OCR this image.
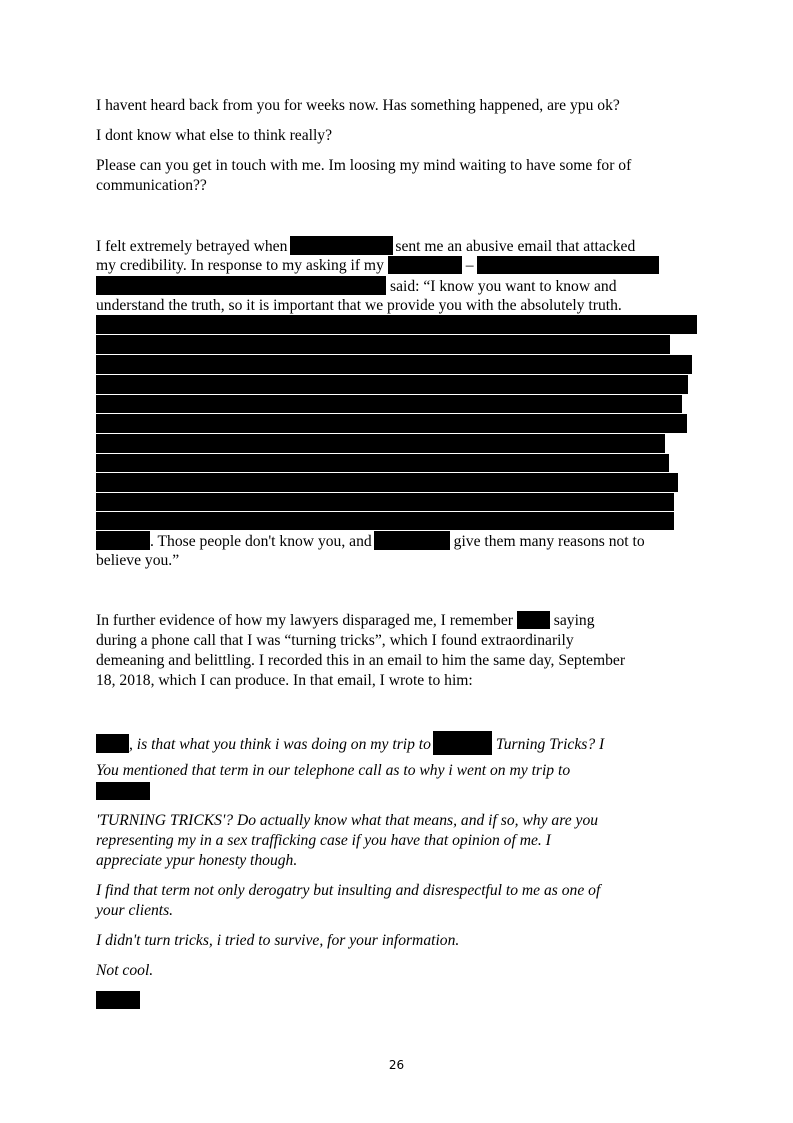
I havent heard back from you for weeks now. Has something happened, are ypu ok?
I dont know what else to think really?
Please can you get in touch with me. Im loosing my mind waiting to have some for of
communication??
I felt extremely betrayed when	sent me an abusive email that attacked
my credibility. In response to my asking if my	–
said: “I know you want to know and
understand the truth, so it is important that we provide you with the absolutely truth.
. Those people don't know you, and	give them many reasons not to
believe you.”
In further evidence of how my lawyers disparaged me, I remember	saying
during a phone call that I was “turning tricks”, which I found extraordinarily
demeaning and belittling. I recorded this in an email to him the same day, September
18, 2018, which I can produce. In that email, I wrote to him:
, is that what you think i was doing on my trip to	Turning Tricks? I
You mentioned that term in our telephone call as to why i went on my trip to
'TURNING TRICKS'? Do actually know what that means, and if so, why are you
representing my in a sex trafficking case if you have that opinion of me. I
appreciate ypur honesty though.
I find that term not only derogatry but insulting and disrespectful to me as one of
your clients.
I didn't turn tricks, i tried to survive, for your information.
Not cool.
26
